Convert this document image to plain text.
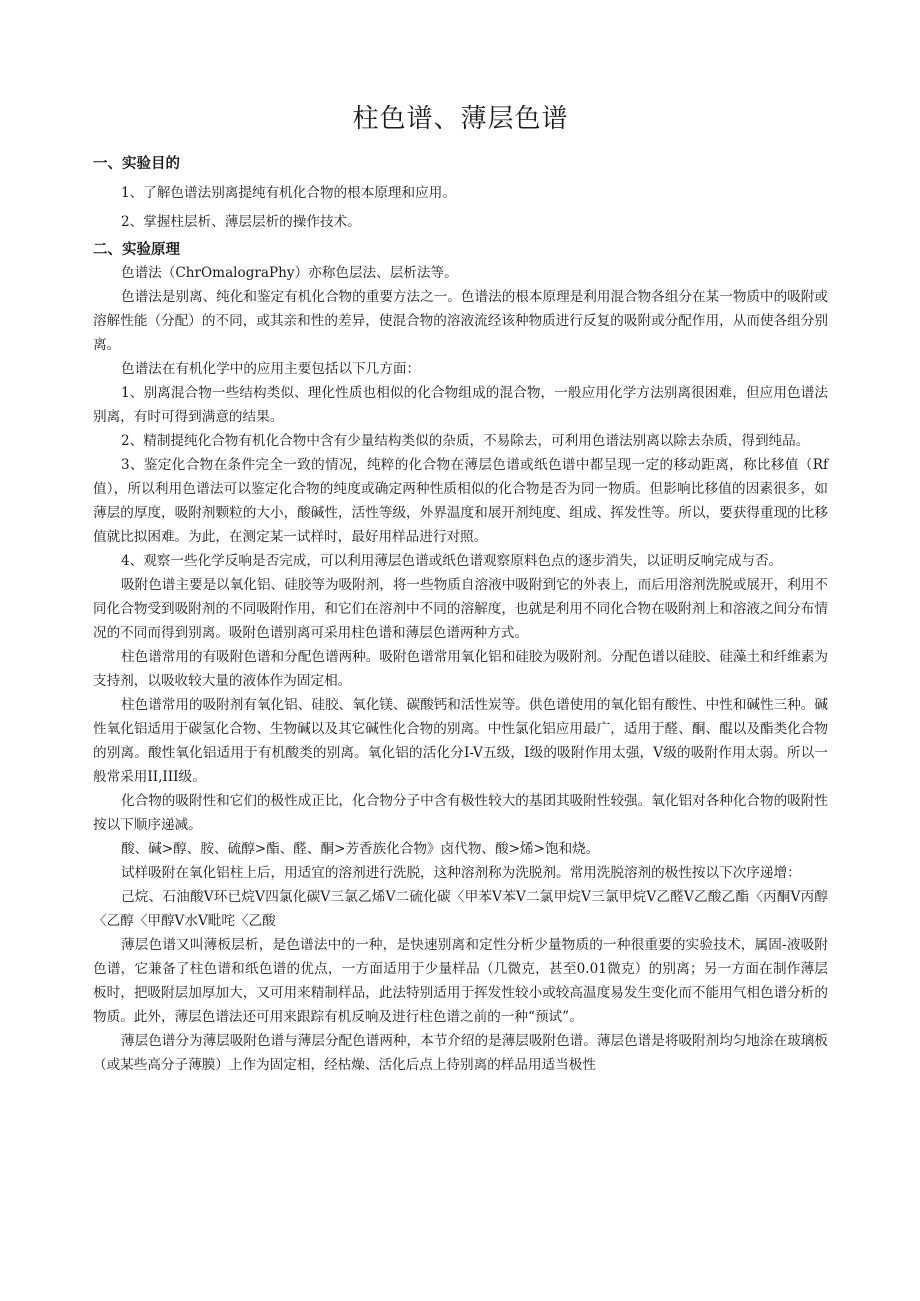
柱色谱、薄层色谱
一、实验目的

1、了解色谱法别离提纯有机化合物的根本原理和应用。

2、掌握柱层析、薄层层析的操作技术。

二、实验原理

色谱法（ChrOmalograPhy）亦称色层法、层析法等。

色谱法是别离、纯化和鉴定有机化合物的重要方法之一。色谱法的根本原理是利用混合物各组分在某一物质中的吸附或溶解性能（分配）的不同，或其亲和性的差异，使混合物的溶液流经该种物质进行反复的吸附或分配作用，从而使各组分别离。

色谱法在有机化学中的应用主要包括以下几方面：

1、别离混合物一些结构类似、理化性质也相似的化合物组成的混合物，一般应用化学方法别离很困难，但应用色谱法别离，有时可得到满意的结果。

2、精制提纯化合物有机化合物中含有少量结构类似的杂质，不易除去，可利用色谱法别离以除去杂质，得到纯品。

3、鉴定化合物在条件完全一致的情况，纯粹的化合物在薄层色谱或纸色谱中都呈现一定的移动距离，称比移值（Rf值），所以利用色谱法可以鉴定化合物的纯度或确定两种性质相似的化合物是否为同一物质。但影响比移值的因素很多，如薄层的厚度，吸附剂颗粒的大小，酸碱性，活性等级，外界温度和展开剂纯度、组成、挥发性等。所以，要获得重现的比移值就比拟困难。为此，在测定某一试样时，最好用样品进行对照。

4、观察一些化学反响是否完成，可以利用薄层色谱或纸色谱观察原料色点的逐步消失，以证明反响完成与否。

吸附色谱主要是以氧化铝、硅胶等为吸附剂，将一些物质自溶液中吸附到它的外表上，而后用溶剂洗脱或展开，利用不同化合物受到吸附剂的不同吸附作用，和它们在溶剂中不同的溶解度，也就是利用不同化合物在吸附剂上和溶液之间分布情况的不同而得到别离。吸附色谱别离可采用柱色谱和薄层色谱两种方式。

柱色谱常用的有吸附色谱和分配色谱两种。吸附色谱常用氧化铝和硅胶为吸附剂。分配色谱以硅胶、硅藻土和纤维素为支持剂，以吸收较大量的液体作为固定相。

柱色谱常用的吸附剂有氧化铝、硅胶、氧化镁、碳酸钙和活性炭等。供色谱使用的氧化铝有酸性、中性和碱性三种。碱性氧化铝适用于碳氢化合物、生物碱以及其它碱性化合物的别离。中性氯化铝应用最广，适用于醛、酮、醌以及酯类化合物的别离。酸性氧化铝适用于有机酸类的别离。氧化铝的活化分I-V五级，I级的吸附作用太强，V级的吸附作用太弱。所以一般常采用II,III级。

化合物的吸附性和它们的极性成正比，化合物分子中含有极性较大的基团其吸附性较强。氧化铝对各种化合物的吸附性按以下顺序递减。

酸、碱>醇、胺、硫醇>酯、醛、酮>芳香族化合物》卤代物、酸>烯>饱和烧。

试样吸附在氧化铝柱上后，用适宜的溶剂进行洗脱，这种溶剂称为洗脱剂。常用洗脱溶剂的极性按以下次序递增：

己烷、石油酸V环已烷V四氯化碳V三氯乙烯V二硫化碳〈甲苯V苯V二氯甲烷V三氯甲烷V乙醛V乙酸乙酯〈丙酮V丙醇〈乙醇〈甲醇V水V毗咤〈乙酸

薄层色谱又叫薄板层析，是色谱法中的一种，是快速别离和定性分析少量物质的一种很重要的实验技术，属固-液吸附色谱，它兼备了柱色谱和纸色谱的优点，一方面适用于少量样品（几微克，甚至0.01微克）的别离；另一方面在制作薄层板时，把吸附层加厚加大，又可用来精制样品，此法特别适用于挥发性较小或较高温度易发生变化而不能用气相色谱分析的物质。此外，薄层色谱法还可用来跟踪有机反响及进行柱色谱之前的一种“预试”。

薄层色谱分为薄层吸附色谱与薄层分配色谱两种，本节介绍的是薄层吸附色谱。薄层色谱是将吸附剂均匀地涂在玻璃板（或某些高分子薄膜）上作为固定相，经枯燥、活化后点上待别离的样品用适当极性
